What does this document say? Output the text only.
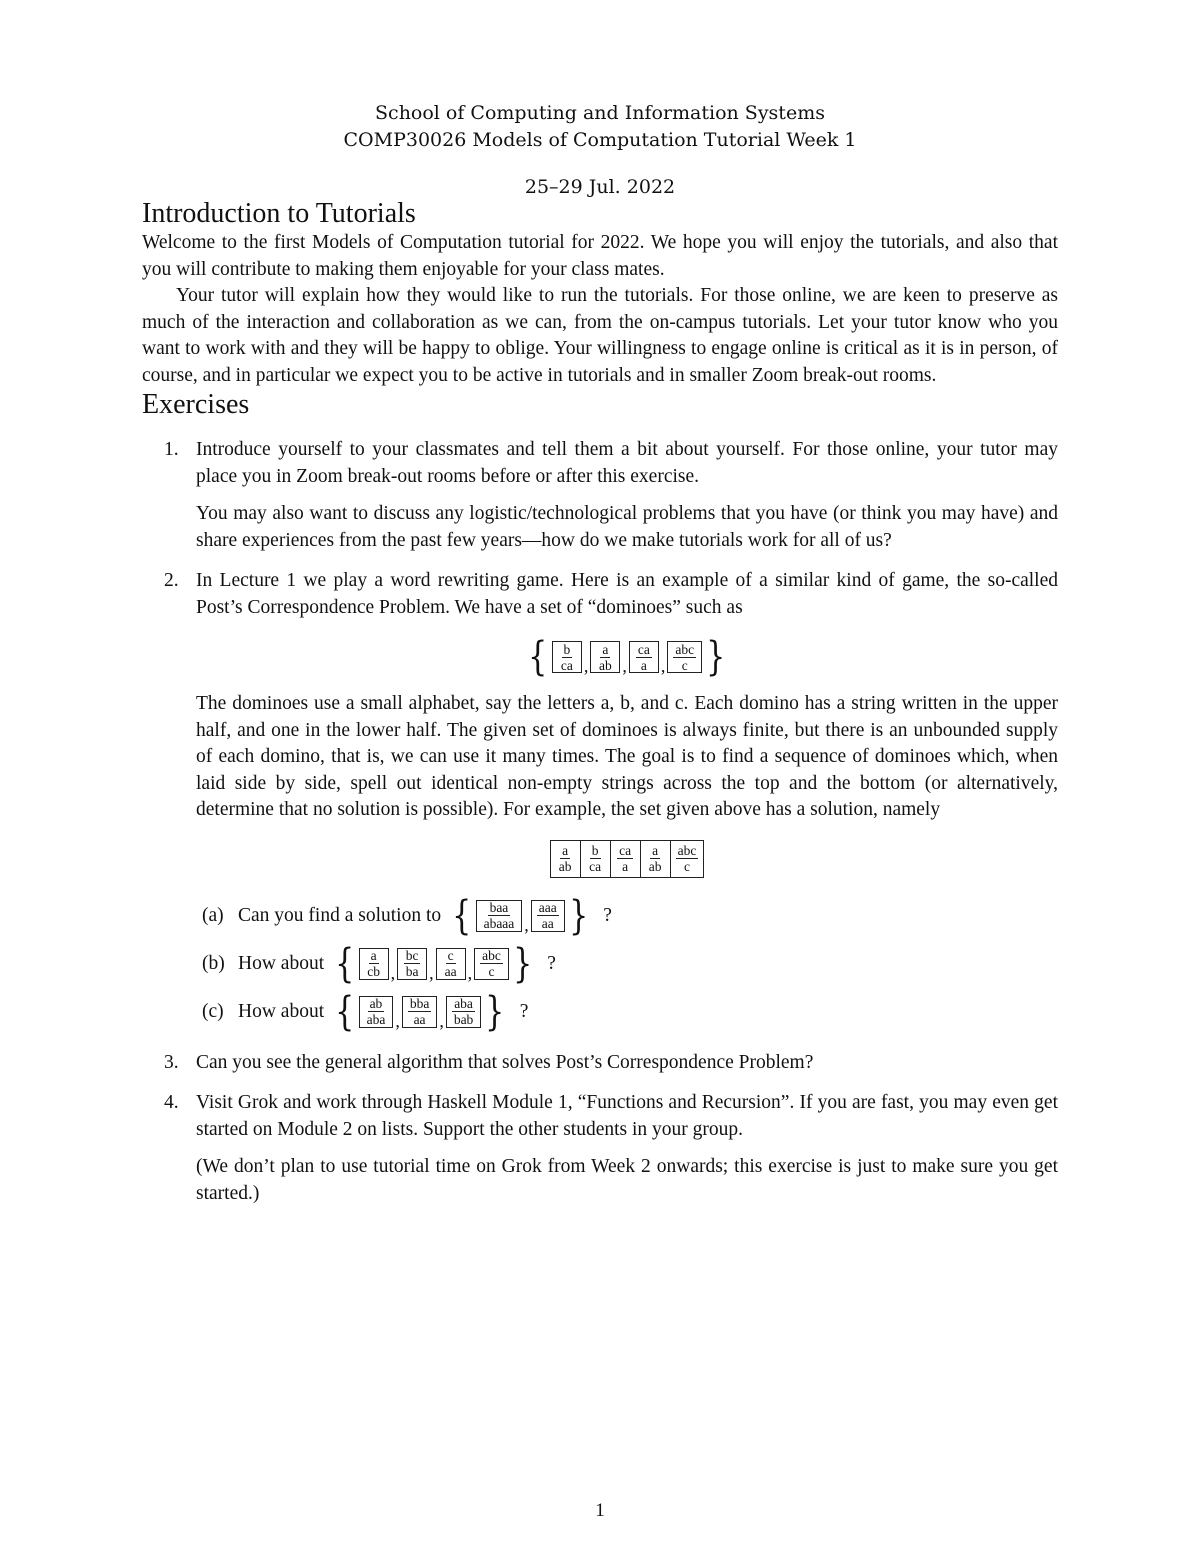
School of Computing and Information Systems
COMP30026 Models of Computation Tutorial Week 1
25–29 Jul. 2022
Introduction to Tutorials

Welcome to the first Models of Computation tutorial for 2022. We hope you will enjoy the tutorials, and also that you will contribute to making them enjoyable for your class mates.

Your tutor will explain how they would like to run the tutorials. For those online, we are keen to preserve as much of the interaction and collaboration as we can, from the on-campus tutorials. Let your tutor know who you want to work with and they will be happy to oblige. Your willingness to engage online is critical as it is in person, of course, and in particular we expect you to be active in tutorials and in smaller Zoom break-out rooms.

Exercises
1. Introduce yourself to your classmates and tell them a bit about yourself. For those online, your tutor may place you in Zoom break-out rooms before or after this exercise.

You may also want to discuss any logistic/technological problems that you have (or think you may have) and share experiences from the past few years—how do we make tutorials work for all of us?

2. In Lecture 1 we play a word rewriting game. Here is an example of a similar kind of game, the so-called Post’s Correspondence Problem. We have a set of “dominoes” such as

{ b
ca ,
a
ab ,
ca
a ,
abc
c }

The dominoes use a small alphabet, say the letters a, b, and c. Each domino has a string written in the upper half, and one in the lower half. The given set of dominoes is always finite, but there is an unbounded supply of each domino, that is, we can use it many times. The goal is to find a sequence of dominoes which, when laid side by side, spell out identical non-empty strings across the top and the bottom (or alternatively, determine that no solution is possible). For example, the set given above has a solution, namely

a
ab
b
ca
ca
a
a
ab
abc
c
(a) Can you find a solution to { baa
abaaa ,
aaa
aa } ?
(b) How about { a
cb ,
bc
ba ,
c
aa ,
abc
c } ?
(c) How about { ab
aba ,
bba
aa ,
aba
bab } ?
3. Can you see the general algorithm that solves Post’s Correspondence Problem?

4. Visit Grok and work through Haskell Module 1, “Functions and Recursion”. If you are fast, you may even get started on Module 2 on lists. Support the other students in your group.

(We don’t plan to use tutorial time on Grok from Week 2 onwards; this exercise is just to make sure you get started.)

1
